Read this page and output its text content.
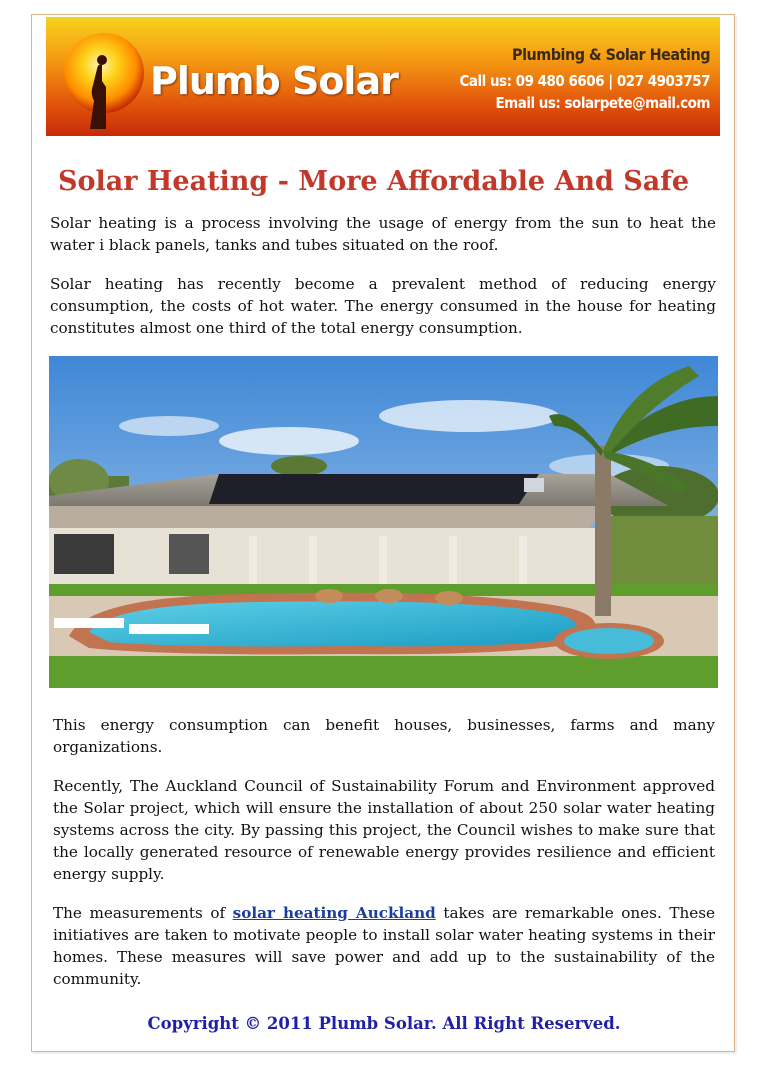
Plumb Solar
Plumbing & Solar Heating
Call us: 09 480 6606 | 027 4903757
Email us: solarpete@mail.com
Solar Heating - More Affordable And Safe

Solar heating is a process involving the usage of energy from the sun to heat the water i black panels, tanks and tubes situated on the roof.

Solar heating has recently become a prevalent method of reducing energy consumption, the costs of hot water. The energy consumed in the house for heating constitutes almost one third of the total energy consumption.

This energy consumption can benefit houses, businesses, farms and many organizations.

Recently, The Auckland Council of Sustainability Forum and Environment approved the Solar project, which will ensure the installation of about 250 solar water heating systems across the city. By passing this project, the Council wishes to make sure that the locally generated resource of renewable energy provides resilience and efficient energy supply.

The measurements of solar heating Auckland takes are remarkable ones. These initiatives are taken to motivate people to install solar water heating systems in their homes. These measures will save power and add up to the sustainability of the community.

Copyright © 2011 Plumb Solar. All Right Reserved.
